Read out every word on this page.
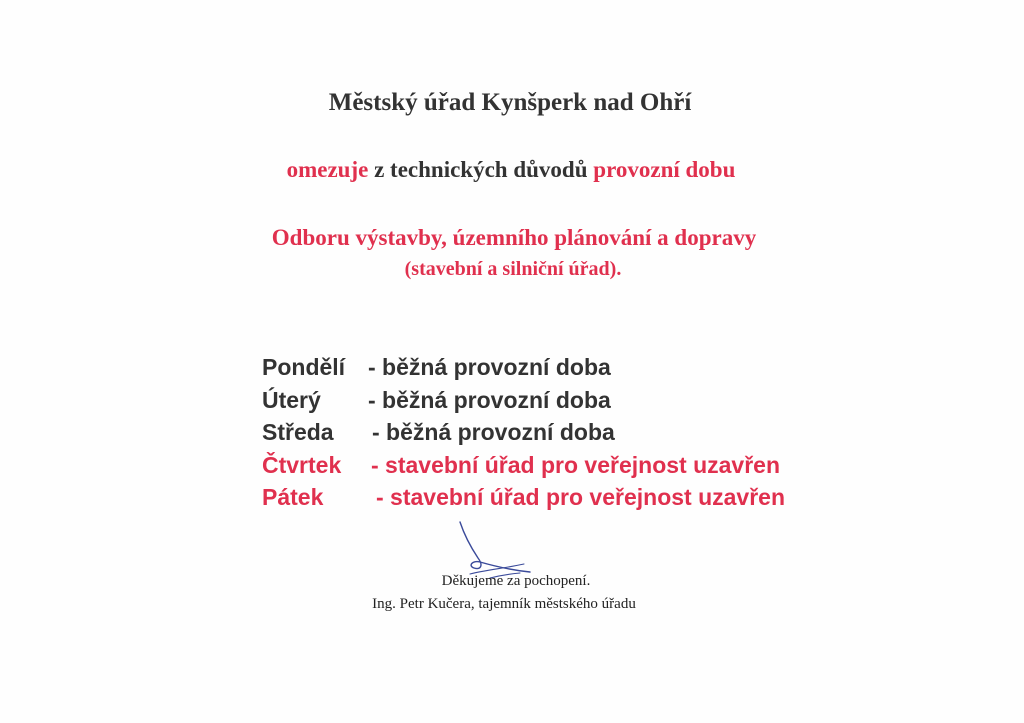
Městský úřad Kynšperk nad Ohří
omezuje z technických důvodů provozní dobu
Odboru výstavby, územního plánování a dopravy
(stavební a silniční úřad).
Pondělí - běžná provozní doba
Úterý - běžná provozní doba
Středa - běžná provozní doba
Čtvrtek - stavební úřad pro veřejnost uzavřen
Pátek - stavební úřad pro veřejnost uzavřen
Děkujeme za pochopení.
Ing. Petr Kučera, tajemník městského úřadu
